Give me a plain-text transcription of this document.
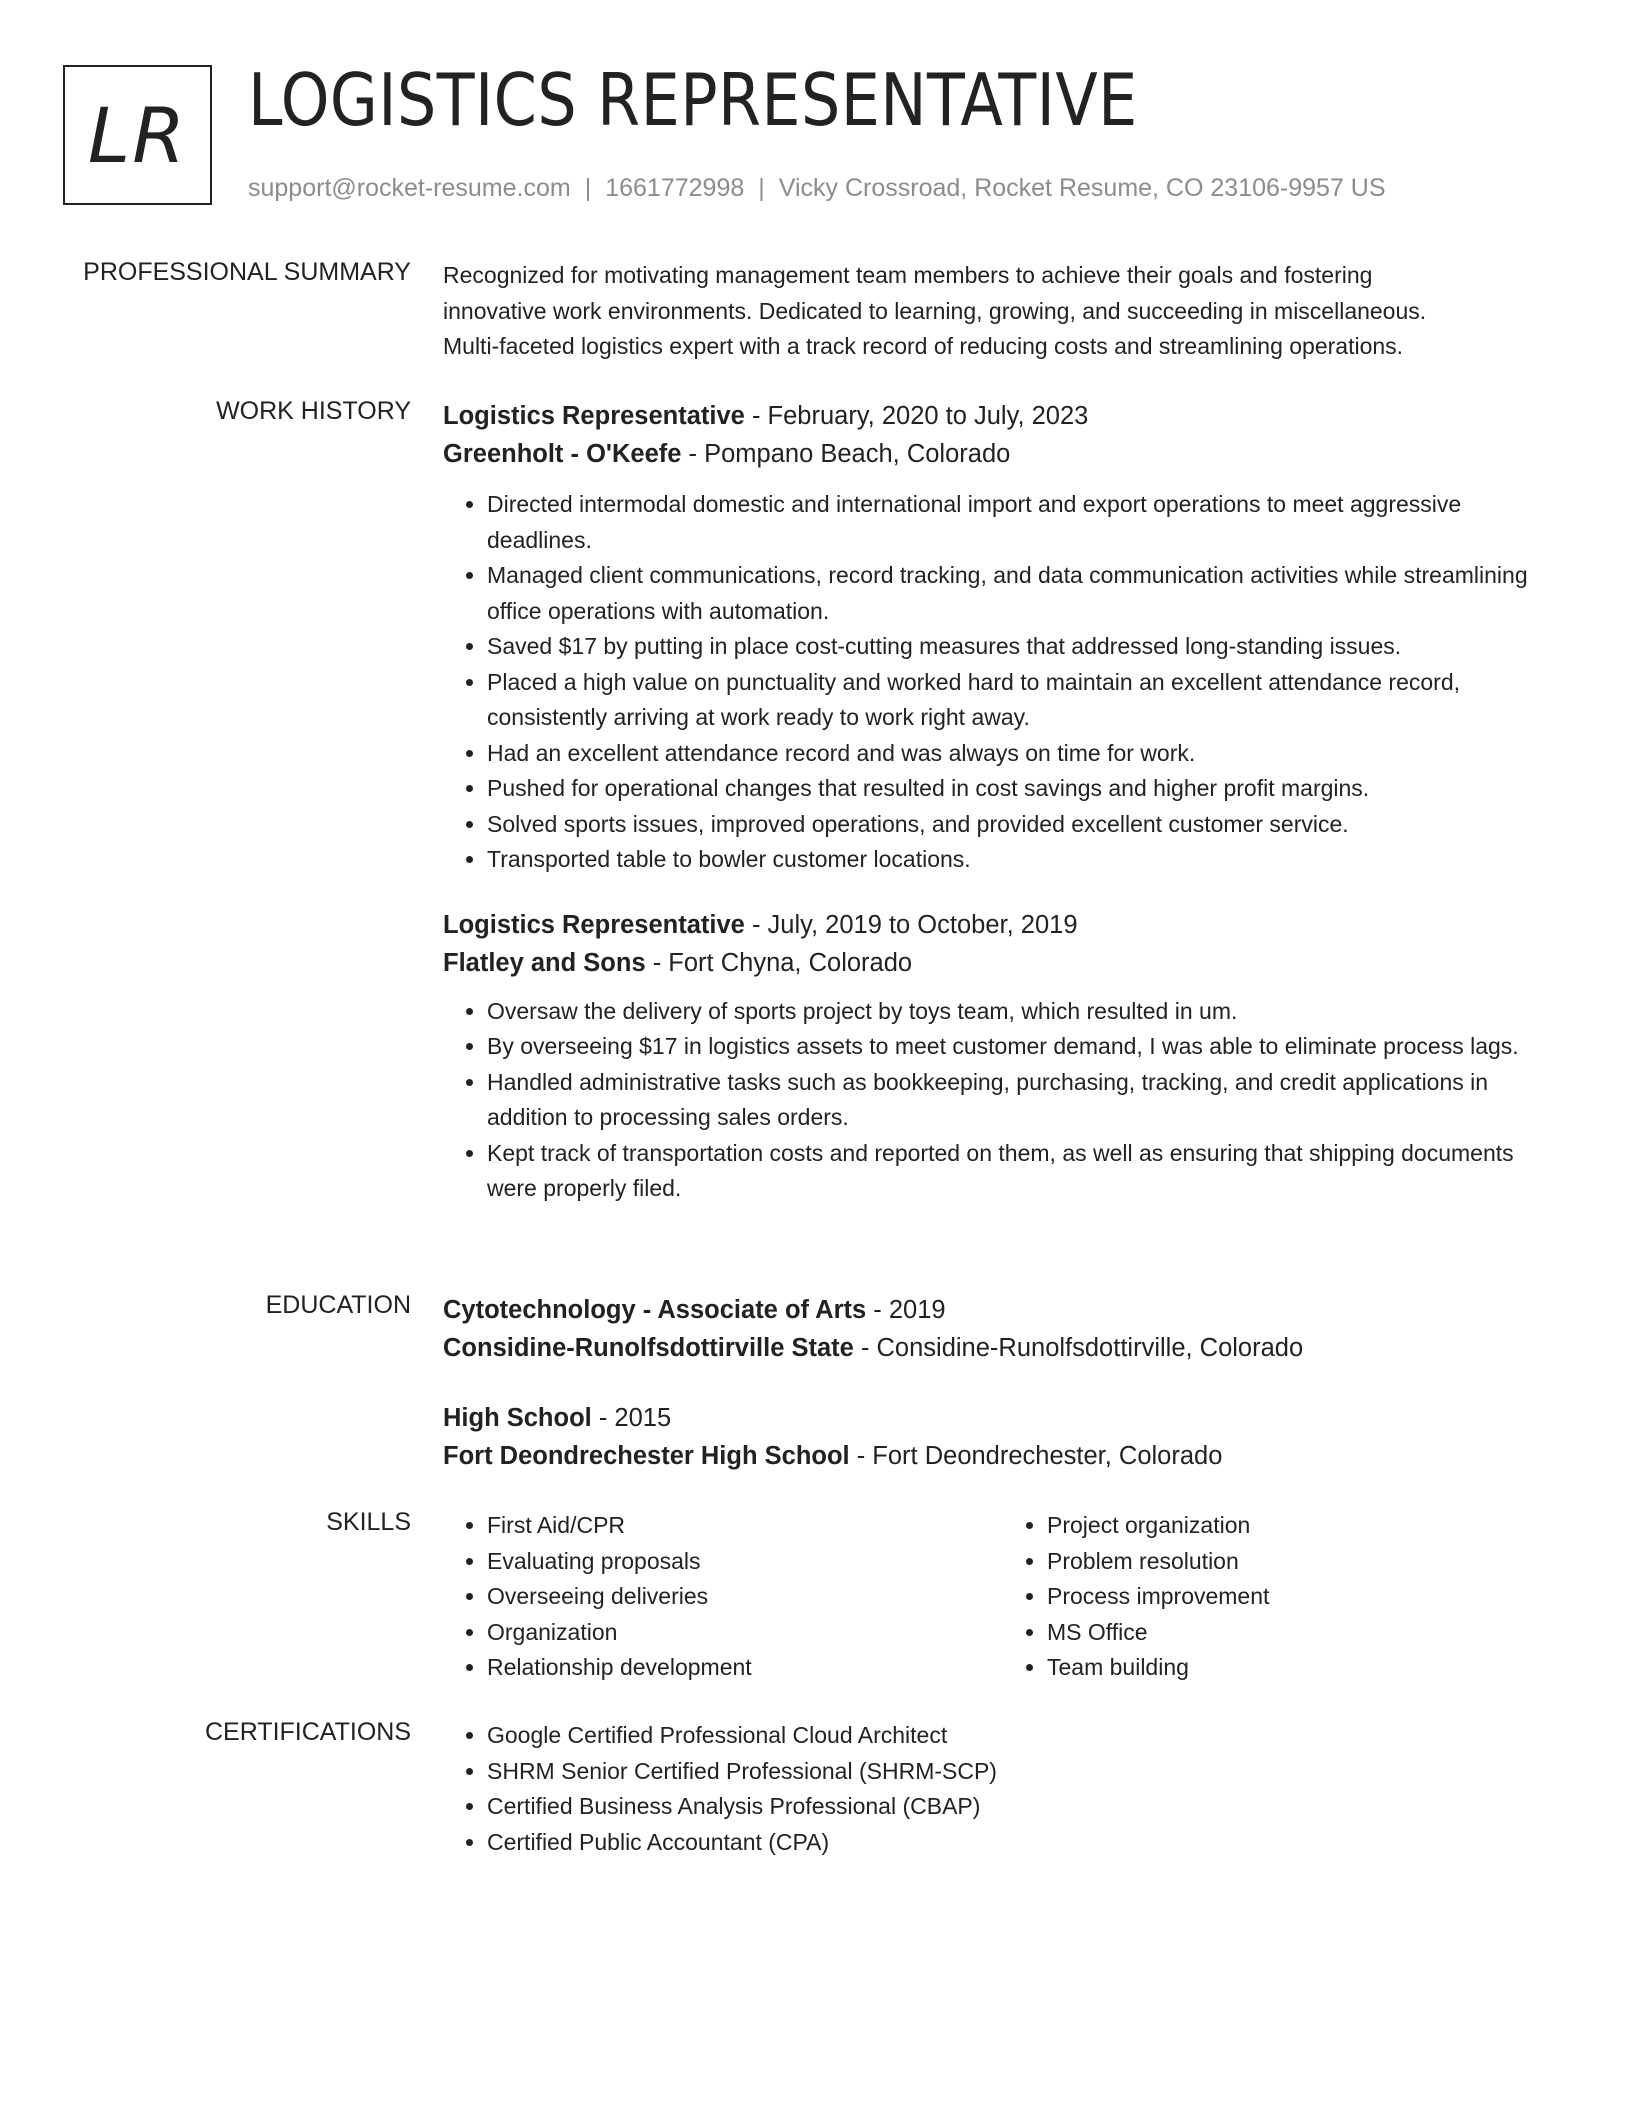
LR LOGISTICS REPRESENTATIVE
support@rocket-resume.com | 1661772998 | Vicky Crossroad, Rocket Resume, CO 23106-9957 US
PROFESSIONAL SUMMARY Recognized for motivating management team members to achieve their goals and fostering
innovative work environments. Dedicated to learning, growing, and succeeding in miscellaneous.
Multi-faceted logistics expert with a track record of reducing costs and streamlining operations.
WORK HISTORY Logistics Representative - February, 2020 to July, 2023
Greenholt - O'Keefe - Pompano Beach, Colorado
• Directed intermodal domestic and international import and export operations to meet aggressive deadlines.
• Managed client communications, record tracking, and data communication activities while streamlining office operations with automation.
• Saved $17 by putting in place cost-cutting measures that addressed long-standing issues.
• Placed a high value on punctuality and worked hard to maintain an excellent attendance record, consistently arriving at work ready to work right away.
• Had an excellent attendance record and was always on time for work.
• Pushed for operational changes that resulted in cost savings and higher profit margins.
• Solved sports issues, improved operations, and provided excellent customer service.
• Transported table to bowler customer locations.
Logistics Representative - July, 2019 to October, 2019
Flatley and Sons - Fort Chyna, Colorado
• Oversaw the delivery of sports project by toys team, which resulted in um.
• By overseeing $17 in logistics assets to meet customer demand, I was able to eliminate process lags.
• Handled administrative tasks such as bookkeeping, purchasing, tracking, and credit applications in addition to processing sales orders.
• Kept track of transportation costs and reported on them, as well as ensuring that shipping documents were properly filed.
EDUCATION Cytotechnology - Associate of Arts - 2019
Considine-Runolfsdottirville State - Considine-Runolfsdottirville, Colorado
High School - 2015
Fort Deondrechester High School - Fort Deondrechester, Colorado
SKILLS	• First Aid/CPR
• Evaluating proposals
• Overseeing deliveries
• Organization
• Relationship development
• Project organization
• Problem resolution
• Process improvement
• MS Office
• Team building
CERTIFICATIONS	• Google Certified Professional Cloud Architect
• SHRM Senior Certified Professional (SHRM-SCP)
• Certified Business Analysis Professional (CBAP)
• Certified Public Accountant (CPA)
